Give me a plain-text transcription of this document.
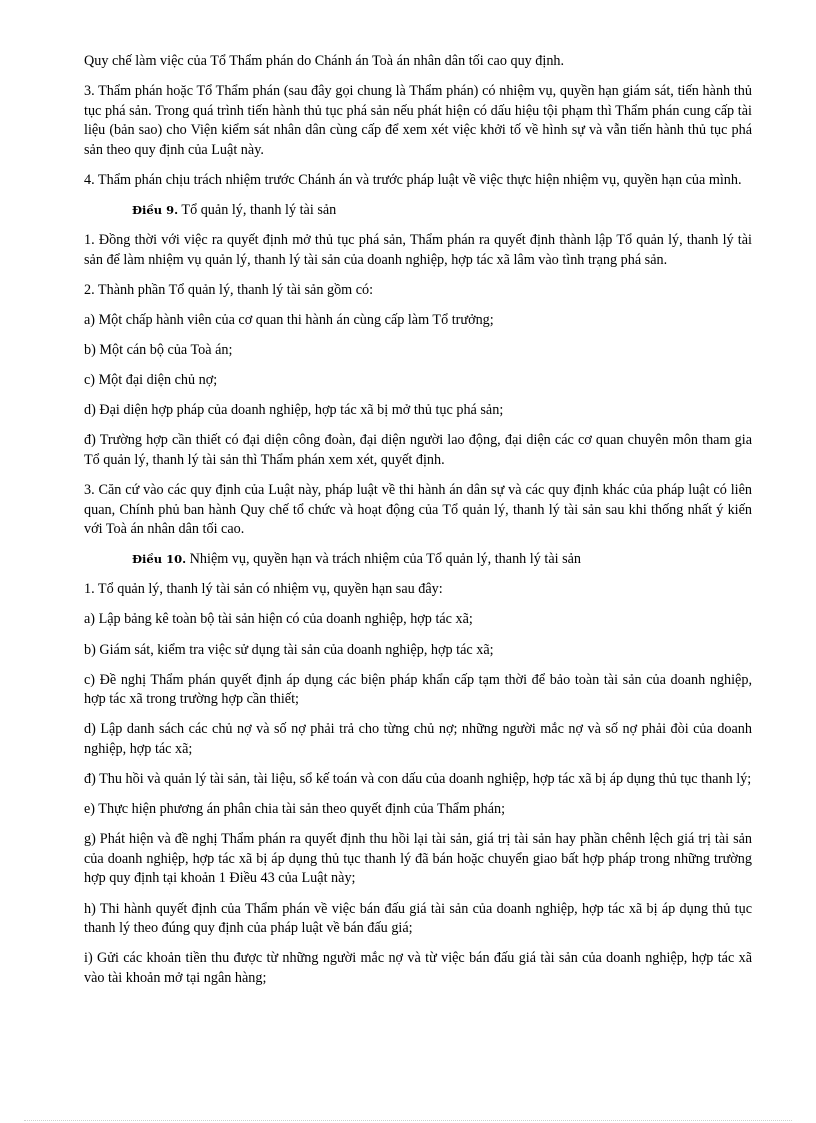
Quy chế làm việc của Tổ Thẩm phán do Chánh án Toà án nhân dân tối cao quy định.

3. Thẩm phán hoặc Tổ Thẩm phán (sau đây gọi chung là Thẩm phán) có nhiệm vụ, quyền hạn giám sát, tiến hành thủ tục phá sản. Trong quá trình tiến hành thủ tục phá sản nếu phát hiện có dấu hiệu tội phạm thì Thẩm phán cung cấp tài liệu (bản sao) cho Viện kiểm sát nhân dân cùng cấp để xem xét việc khởi tố về hình sự và vẫn tiến hành thủ tục phá sản theo quy định của Luật này.

4. Thẩm phán chịu trách nhiệm trước Chánh án và trước pháp luật về việc thực hiện nhiệm vụ, quyền hạn của mình.

Điều 9. Tổ quản lý, thanh lý tài sản

1. Đồng thời với việc ra quyết định mở thủ tục phá sản, Thẩm phán ra quyết định thành lập Tổ quản lý, thanh lý tài sản để làm nhiệm vụ quản lý, thanh lý tài sản của doanh nghiệp, hợp tác xã lâm vào tình trạng phá sản.

2. Thành phần Tổ quản lý, thanh lý tài sản gồm có:

a) Một chấp hành viên của cơ quan thi hành án cùng cấp làm Tổ trưởng;

b) Một cán bộ của Toà án;

c) Một đại diện chủ nợ;

d) Đại diện hợp pháp của doanh nghiệp, hợp tác xã bị mở thủ tục phá sản;

đ) Trường hợp cần thiết có đại diện công đoàn, đại diện người lao động, đại diện các cơ quan chuyên môn tham gia Tổ quản lý, thanh lý tài sản thì Thẩm phán xem xét, quyết định.

3. Căn cứ vào các quy định của Luật này, pháp luật về thi hành án dân sự và các quy định khác của pháp luật có liên quan, Chính phủ ban hành Quy chế tổ chức và hoạt động của Tổ quản lý, thanh lý tài sản sau khi thống nhất ý kiến với Toà án nhân dân tối cao.

Điều 10. Nhiệm vụ, quyền hạn và trách nhiệm của Tổ quản lý, thanh lý tài sản

1. Tổ quản lý, thanh lý tài sản có nhiệm vụ, quyền hạn sau đây:

a) Lập bảng kê toàn bộ tài sản hiện có của doanh nghiệp, hợp tác xã;

b) Giám sát, kiểm tra việc sử dụng tài sản của doanh nghiệp, hợp tác xã;

c) Đề nghị Thẩm phán quyết định áp dụng các biện pháp khẩn cấp tạm thời để bảo toàn tài sản của doanh nghiệp, hợp tác xã trong trường hợp cần thiết;

d) Lập danh sách các chủ nợ và số nợ phải trả cho từng chủ nợ; những người mắc nợ và số nợ phải đòi của doanh nghiệp, hợp tác xã;

đ) Thu hồi và quản lý tài sản, tài liệu, sổ kế toán và con dấu của doanh nghiệp, hợp tác xã bị áp dụng thủ tục thanh lý;

e) Thực hiện phương án phân chia tài sản theo quyết định của Thẩm phán;

g) Phát hiện và đề nghị Thẩm phán ra quyết định thu hồi lại tài sản, giá trị tài sản hay phần chênh lệch giá trị tài sản của doanh nghiệp, hợp tác xã bị áp dụng thủ tục thanh lý đã bán hoặc chuyển giao bất hợp pháp trong những trường hợp quy định tại khoản 1 Điều 43 của Luật này;

h) Thi hành quyết định của Thẩm phán về việc bán đấu giá tài sản của doanh nghiệp, hợp tác xã bị áp dụng thủ tục thanh lý theo đúng quy định của pháp luật về bán đấu giá;

i) Gửi các khoản tiền thu được từ những người mắc nợ và từ việc bán đấu giá tài sản của doanh nghiệp, hợp tác xã vào tài khoản mở tại ngân hàng;
